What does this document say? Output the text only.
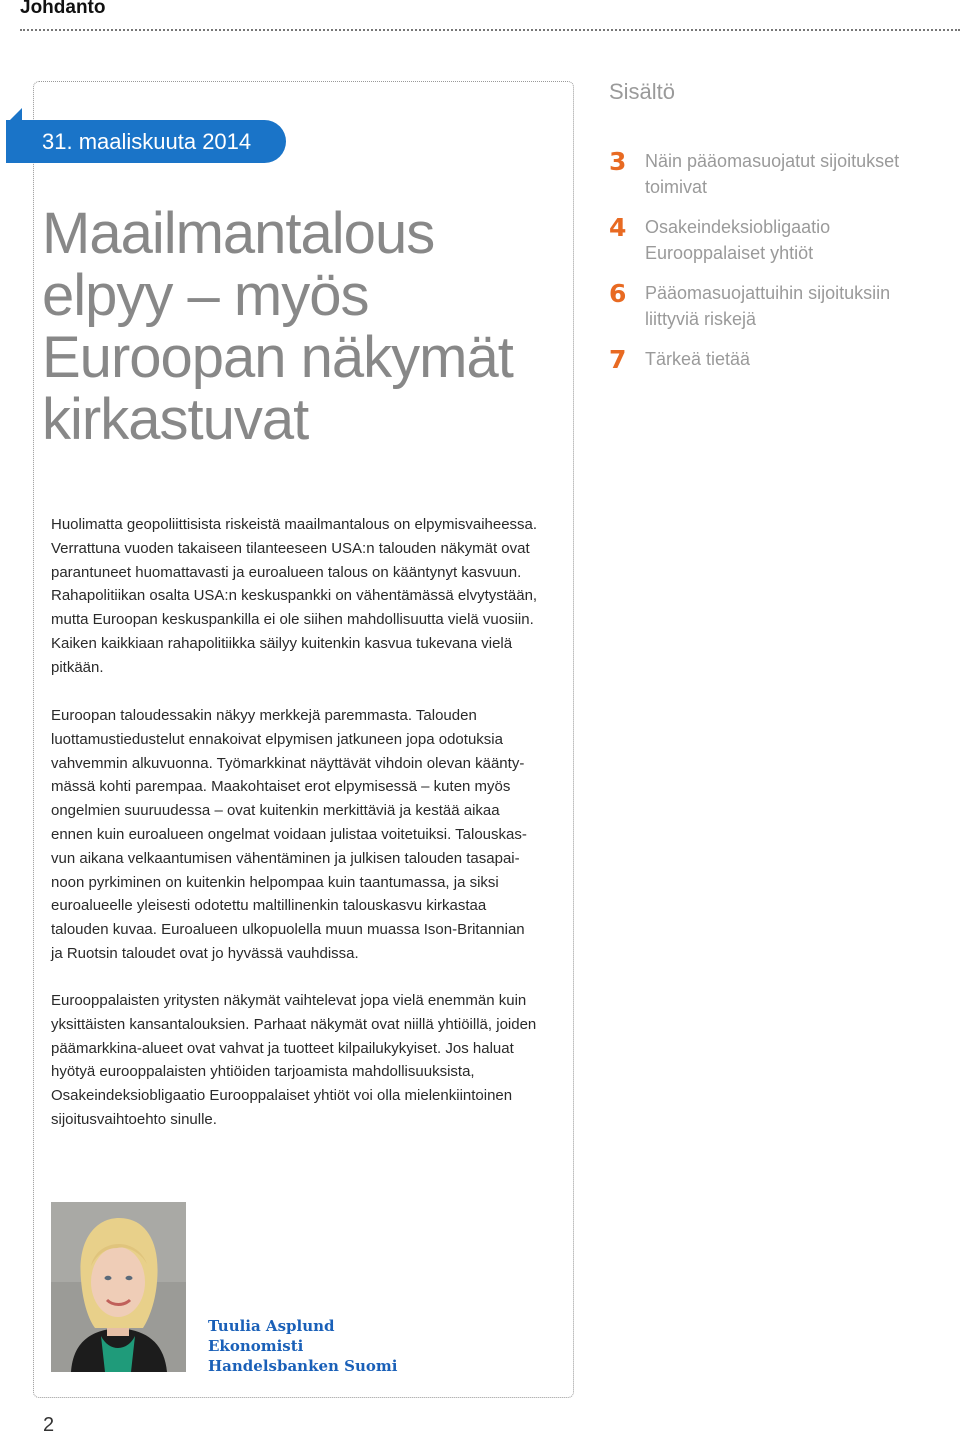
Johdanto
31. maaliskuuta 2014
Maailmantalous
elpyy – myös
Euroopan näkymät
kirkastuvat
Huolimatta geopoliittisista riskeistä maailmantalous on elpymisvaiheessa.
Verrattuna vuoden takaiseen tilanteeseen USA:n talouden näkymät ovat
parantuneet huomattavasti ja euroalueen talous on kääntynyt kasvuun.
Rahapolitiikan osalta USA:n keskuspankki on vähentämässä elvytystään,
mutta Euroopan keskuspankilla ei ole siihen mahdollisuutta vielä vuosiin.
Kaiken kaikkiaan rahapolitiikka säilyy kuitenkin kasvua tukevana vielä
pitkään.
Euroopan taloudessakin näkyy merkkejä paremmasta. Talouden
luottamustiedustelut ennakoivat elpymisen jatkuneen jopa odotuksia
vahvemmin alkuvuonna. Työmarkkinat näyttävät vihdoin olevan käänty-
mässä kohti parempaa. Maakohtaiset erot elpymisessä – kuten myös
ongelmien suuruudessa – ovat kuitenkin merkittäviä ja kestää aikaa
ennen kuin euroalueen ongelmat voidaan julistaa voitetuiksi. Talouskas-
vun aikana velkaantumisen vähentäminen ja julkisen talouden tasapai-
noon pyrkiminen on kuitenkin helpompaa kuin taantumassa, ja siksi
euroalueelle yleisesti odotettu maltillinenkin talouskasvu kirkastaa
talouden kuvaa. Euroalueen ulkopuolella muun muassa Ison-Britannian
ja Ruotsin taloudet ovat jo hyvässä vauhdissa.
Eurooppalaisten yritysten näkymät vaihtelevat jopa vielä enemmän kuin
yksittäisten kansantalouksien. Parhaat näkymät ovat niillä yhtiöillä, joiden
päämarkkina-alueet ovat vahvat ja tuotteet kilpailukykyiset. Jos haluat
hyötyä eurooppalaisten yhtiöiden tarjoamista mahdollisuuksista,
Osakeindeksiobligaatio Eurooppalaiset yhtiöt voi olla mielenkiintoinen
sijoitusvaihtoehto sinulle.
Sisältö
3 Näin pääomasuojatut sijoitukset
toimivat
4 Osakeindeksiobligaatio
Eurooppalaiset yhtiöt
6 Pääomasuojattuihin sijoituksiin
liittyviä riskejä
7 Tärkeä tietää
Tuulia Asplund
Ekonomisti
Handelsbanken Suomi
2
